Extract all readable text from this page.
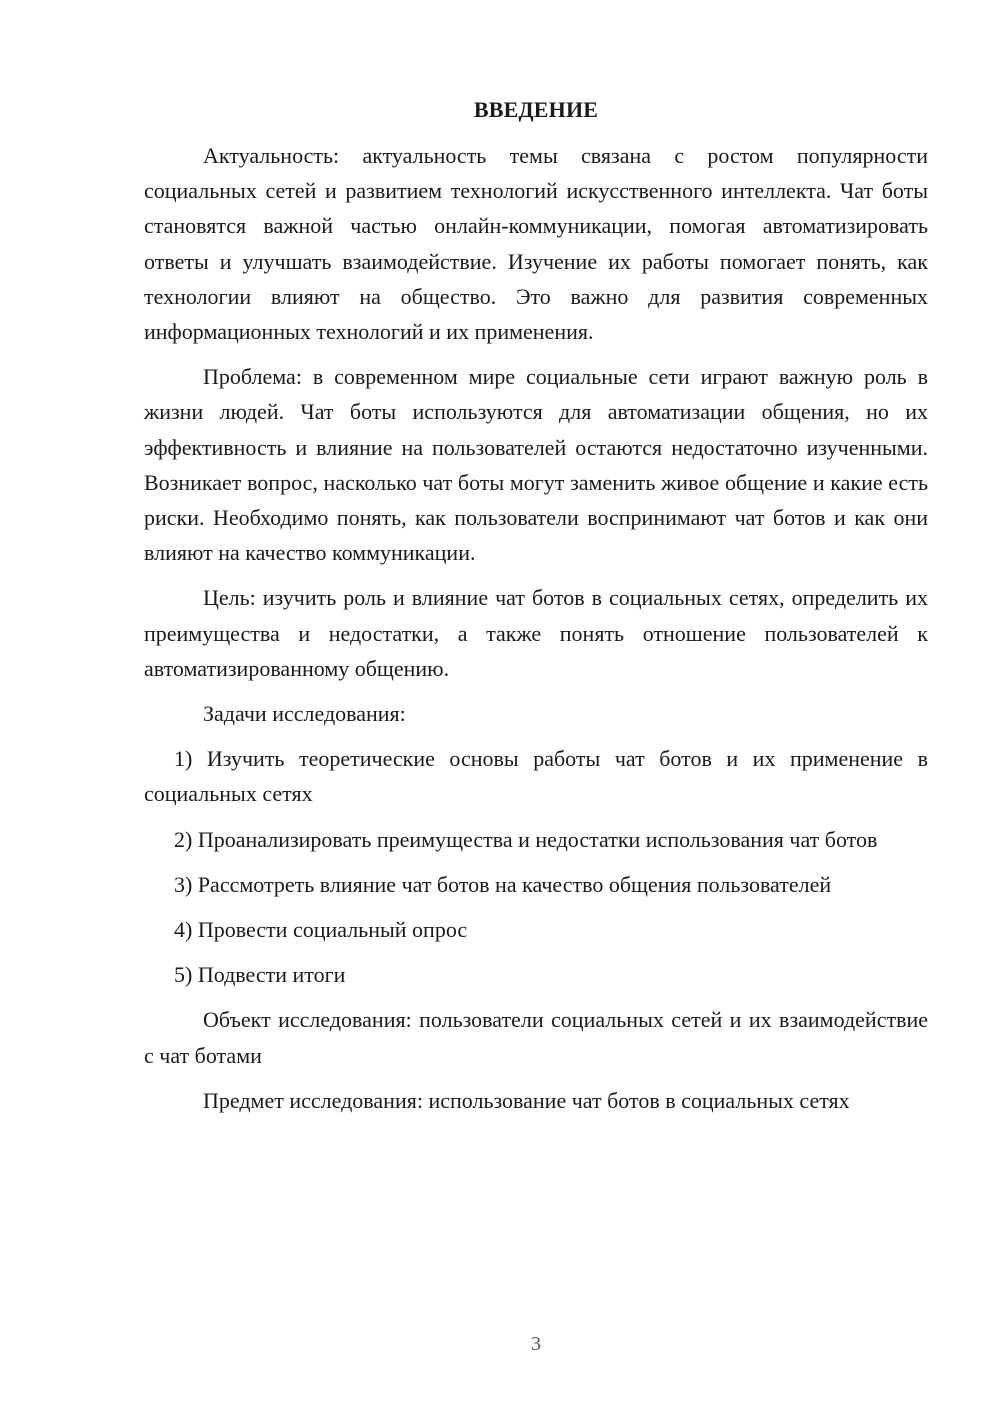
ВВЕДЕНИЕ

Актуальность: актуальность темы связана с ростом популярности социальных сетей и развитием технологий искусственного интеллекта. Чат боты становятся важной частью онлайн-коммуникации, помогая автоматизировать ответы и улучшать взаимодействие. Изучение их работы помогает понять, как технологии влияют на общество. Это важно для развития современных информационных технологий и их применения.

Проблема: в современном мире социальные сети играют важную роль в жизни людей. Чат боты используются для автоматизации общения, но их эффективность и влияние на пользователей остаются недостаточно изученными. Возникает вопрос, насколько чат боты могут заменить живое общение и какие есть риски. Необходимо понять, как пользователи воспринимают чат ботов и как они влияют на качество коммуникации.

Цель: изучить роль и влияние чат ботов в социальных сетях, определить их преимущества и недостатки, а также понять отношение пользователей к автоматизированному общению.

Задачи исследования:

1) Изучить теоретические основы работы чат ботов и их применение в социальных сетях

2) Проанализировать преимущества и недостатки использования чат ботов

3) Рассмотреть влияние чат ботов на качество общения пользователей

4) Провести социальный опрос

5) Подвести итоги

Объект исследования: пользователи социальных сетей и их взаимодействие с чат ботами

Предмет исследования: использование чат ботов в социальных сетях

3
